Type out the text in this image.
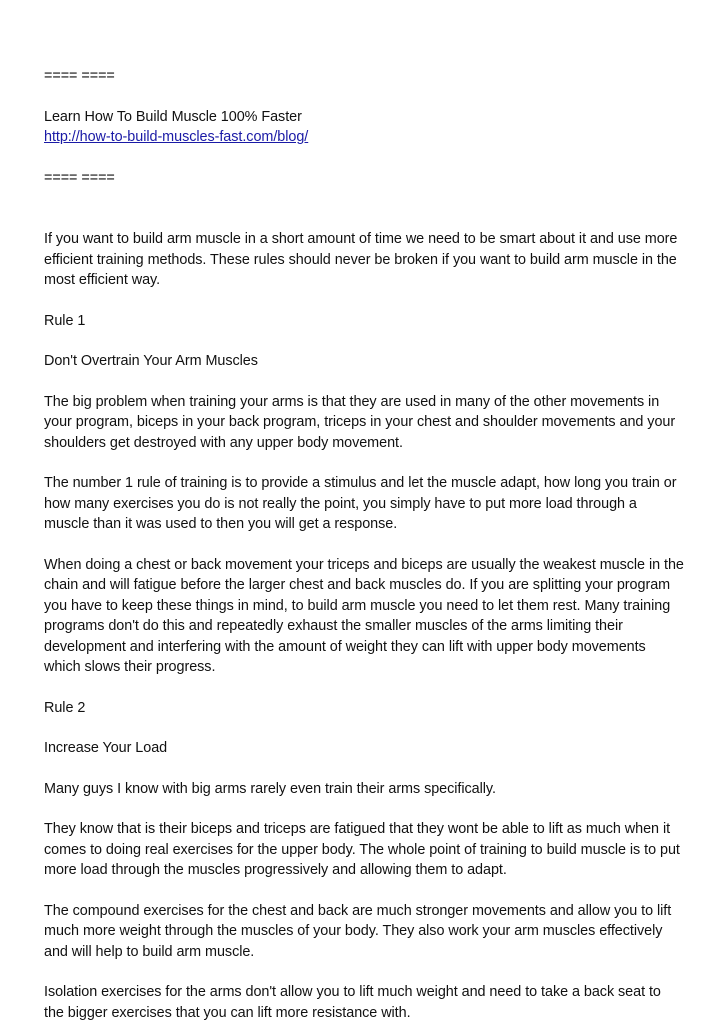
==== ====

Learn How To Build Muscle 100% Faster

http://how-to-build-muscles-fast.com/blog/

==== ====

If you want to build arm muscle in a short amount of time we need to be smart about it and use more efficient training methods. These rules should never be broken if you want to build arm muscle in the most efficient way.

Rule 1

Don't Overtrain Your Arm Muscles

The big problem when training your arms is that they are used in many of the other movements in your program, biceps in your back program, triceps in your chest and shoulder movements and your shoulders get destroyed with any upper body movement.

The number 1 rule of training is to provide a stimulus and let the muscle adapt, how long you train or how many exercises you do is not really the point, you simply have to put more load through a muscle than it was used to then you will get a response.

When doing a chest or back movement your triceps and biceps are usually the weakest muscle in the chain and will fatigue before the larger chest and back muscles do. If you are splitting your program you have to keep these things in mind, to build arm muscle you need to let them rest. Many training programs don't do this and repeatedly exhaust the smaller muscles of the arms limiting their development and interfering with the amount of weight they can lift with upper body movements which slows their progress.

Rule 2

Increase Your Load

Many guys I know with big arms rarely even train their arms specifically.

They know that is their biceps and triceps are fatigued that they wont be able to lift as much when it comes to doing real exercises for the upper body. The whole point of training to build muscle is to put more load through the muscles progressively and allowing them to adapt.

The compound exercises for the chest and back are much stronger movements and allow you to lift much more weight through the muscles of your body. They also work your arm muscles effectively and will help to build arm muscle.

Isolation exercises for the arms don't allow you to lift much weight and need to take a back seat to the bigger exercises that you can lift more resistance with.
